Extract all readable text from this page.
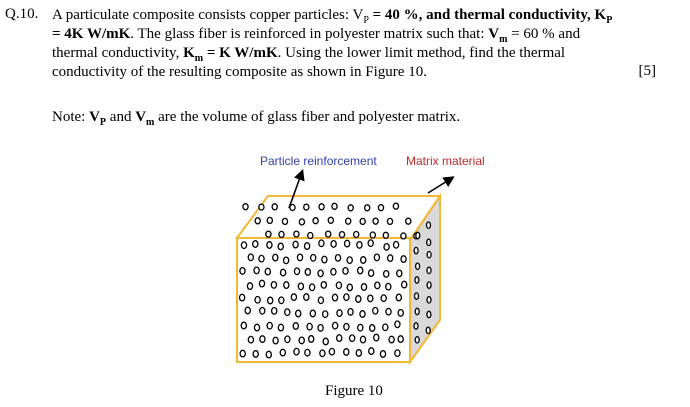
Q.10. A particulate composite consists copper particles: $V_P = 40$ %, and thermal conductivity, $K_P$
= 4K W/mK. The glass fiber is reinforced in polyester matrix such that: $V_m = 60$ % and
thermal conductivity, $K_m = K$ W/mK. Using the lower limit method, find the thermal
conductivity of the resulting composite as shown in Figure 10.	[5]
Note: $V_P$ and $V_m$ are the volume of glass fiber and polyester matrix.
Particle reinforcement Matrix material
Figure 10
